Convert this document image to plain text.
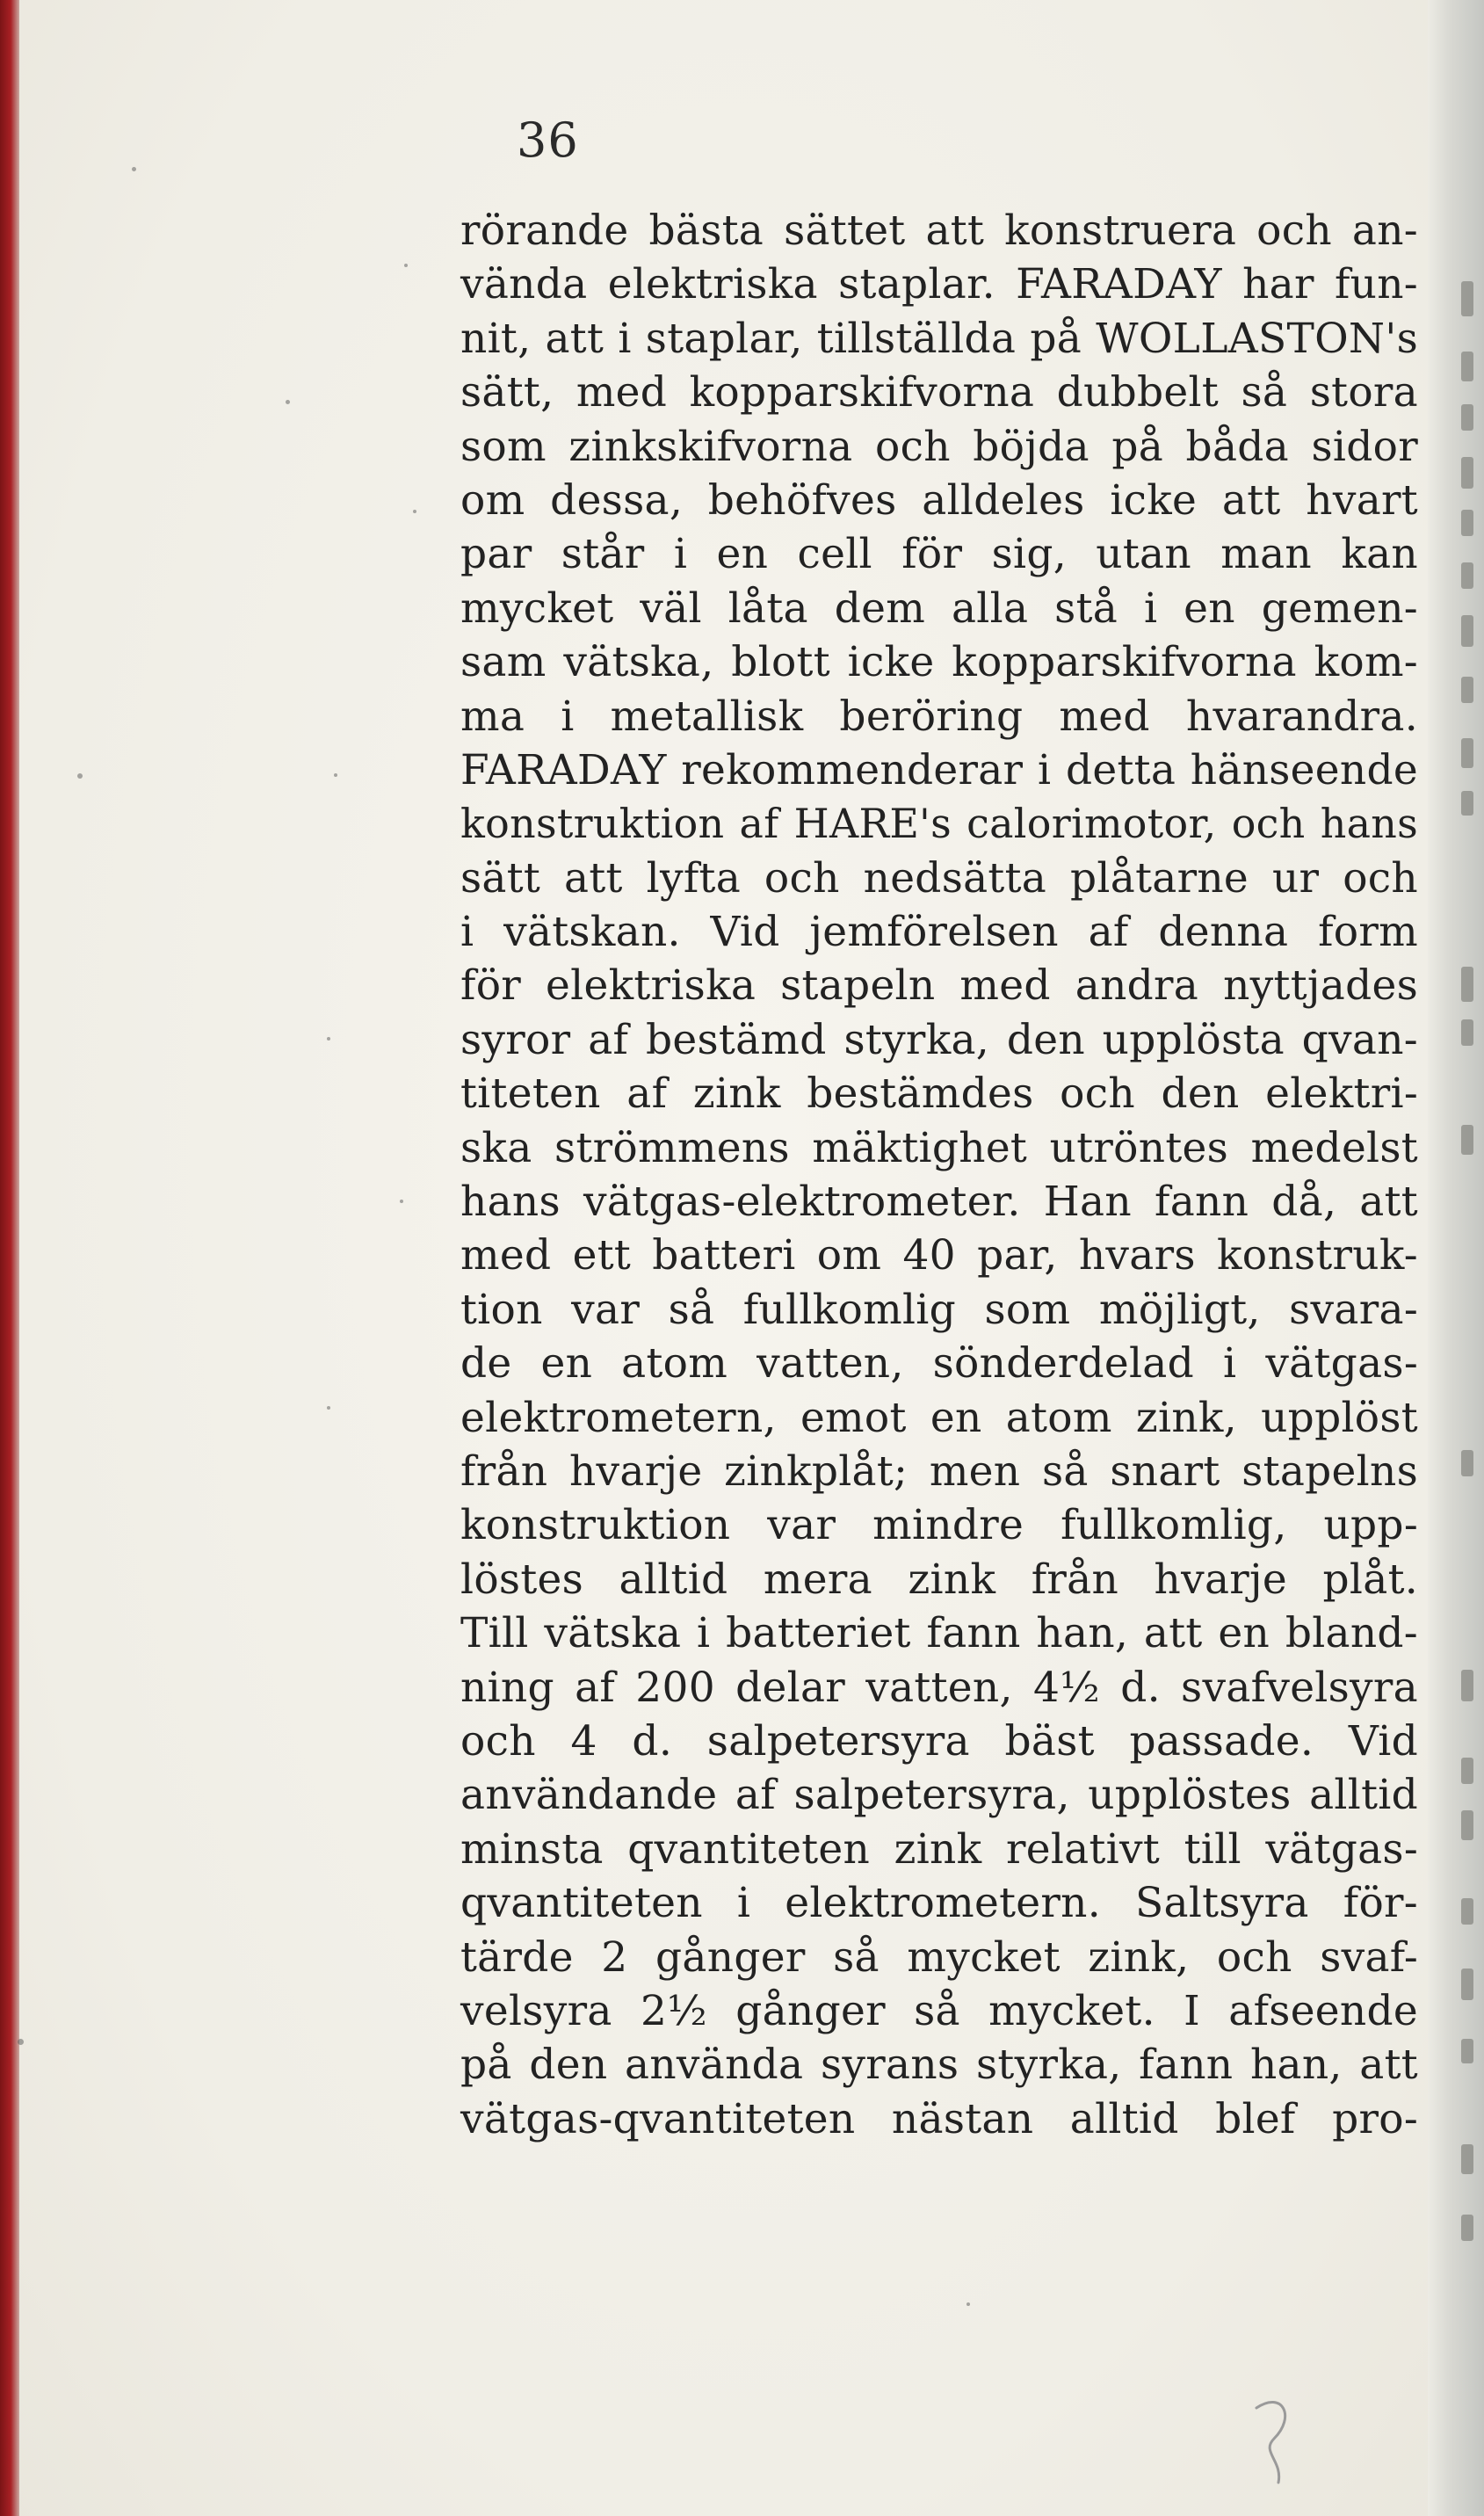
36
rörande bästa sättet att konstruera och an-
vända elektriska staplar. FARADAY har fun-
nit, att i staplar, tillställda på WOLLASTON's
sätt, med kopparskifvorna dubbelt så stora
som zinkskifvorna och böjda på båda sidor
om dessa, behöfves alldeles icke att hvart
par står i en cell för sig, utan man kan
mycket väl låta dem alla stå i en gemen-
sam vätska, blott icke kopparskifvorna kom-
ma i metallisk beröring med hvarandra.
FARADAY rekommenderar i detta hänseende
konstruktion af HARE's calorimotor, och hans
sätt att lyfta och nedsätta plåtarne ur och
i vätskan. Vid jemförelsen af denna form
för elektriska stapeln med andra nyttjades
syror af bestämd styrka, den upplösta qvan-
titeten af zink bestämdes och den elektri-
ska strömmens mäktighet utröntes medelst
hans vätgas-elektrometer. Han fann då, att
med ett batteri om 40 par, hvars konstruk-
tion var så fullkomlig som möjligt, svara-
de en atom vatten, sönderdelad i vätgas-
elektrometern, emot en atom zink, upplöst
från hvarje zinkplåt; men så snart stapelns
konstruktion var mindre fullkomlig, upp-
löstes alltid mera zink från hvarje plåt.
Till vätska i batteriet fann han, att en bland-
ning af 200 delar vatten, 4½ d. svafvelsyra
och 4 d. salpetersyra bäst passade. Vid
användande af salpetersyra, upplöstes alltid
minsta qvantiteten zink relativt till vätgas-
qvantiteten i elektrometern. Saltsyra för-
tärde 2 gånger så mycket zink, och svaf-
velsyra 2½ gånger så mycket. I afseende
på den använda syrans styrka, fann han, att
vätgas-qvantiteten nästan alltid blef pro-
